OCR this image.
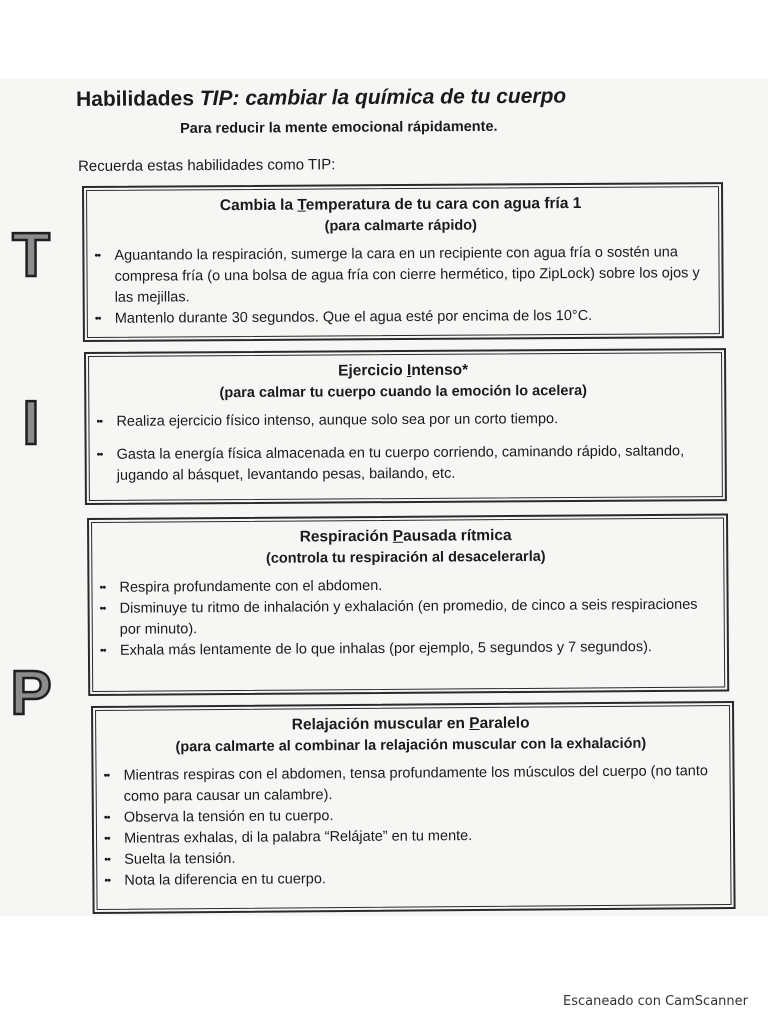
Habilidades TIP: cambiar la química de tu cuerpo
Para reducir la mente emocional rápidamente.
Recuerda estas habilidades como TIP:
T
I
P

Cambia la Temperatura de tu cara con agua fría 1

(para calmarte rápido)

•• Aguantando la respiración, sumerge la cara en un recipiente con agua fría o sostén una compresa fría (o una bolsa de agua fría con cierre hermético, tipo ZipLock) sobre los ojos y las mejillas.
•• Mantenlo durante 30 segundos. Que el agua esté por encima de los 10°C.

Ejercicio Intenso*

(para calmar tu cuerpo cuando la emoción lo acelera)

•• Realiza ejercicio físico intenso, aunque solo sea por un corto tiempo.
•• Gasta la energía física almacenada en tu cuerpo corriendo, caminando rápido, saltando, jugando al básquet, levantando pesas, bailando, etc.

Respiración Pausada rítmica

(controla tu respiración al desacelerarla)

•• Respira profundamente con el abdomen.
•• Disminuye tu ritmo de inhalación y exhalación (en promedio, de cinco a seis respiraciones por minuto).
•• Exhala más lentamente de lo que inhalas (por ejemplo, 5 segundos y 7 segundos).

Relajación muscular en Paralelo

(para calmarte al combinar la relajación muscular con la exhalación)

•• Mientras respiras con el abdomen, tensa profundamente los músculos del cuerpo (no tanto como para causar un calambre).
•• Observa la tensión en tu cuerpo.
•• Mientras exhalas, di la palabra “Relájate” en tu mente.
•• Suelta la tensión.
•• Nota la diferencia en tu cuerpo.
Escaneado con CamScanner
